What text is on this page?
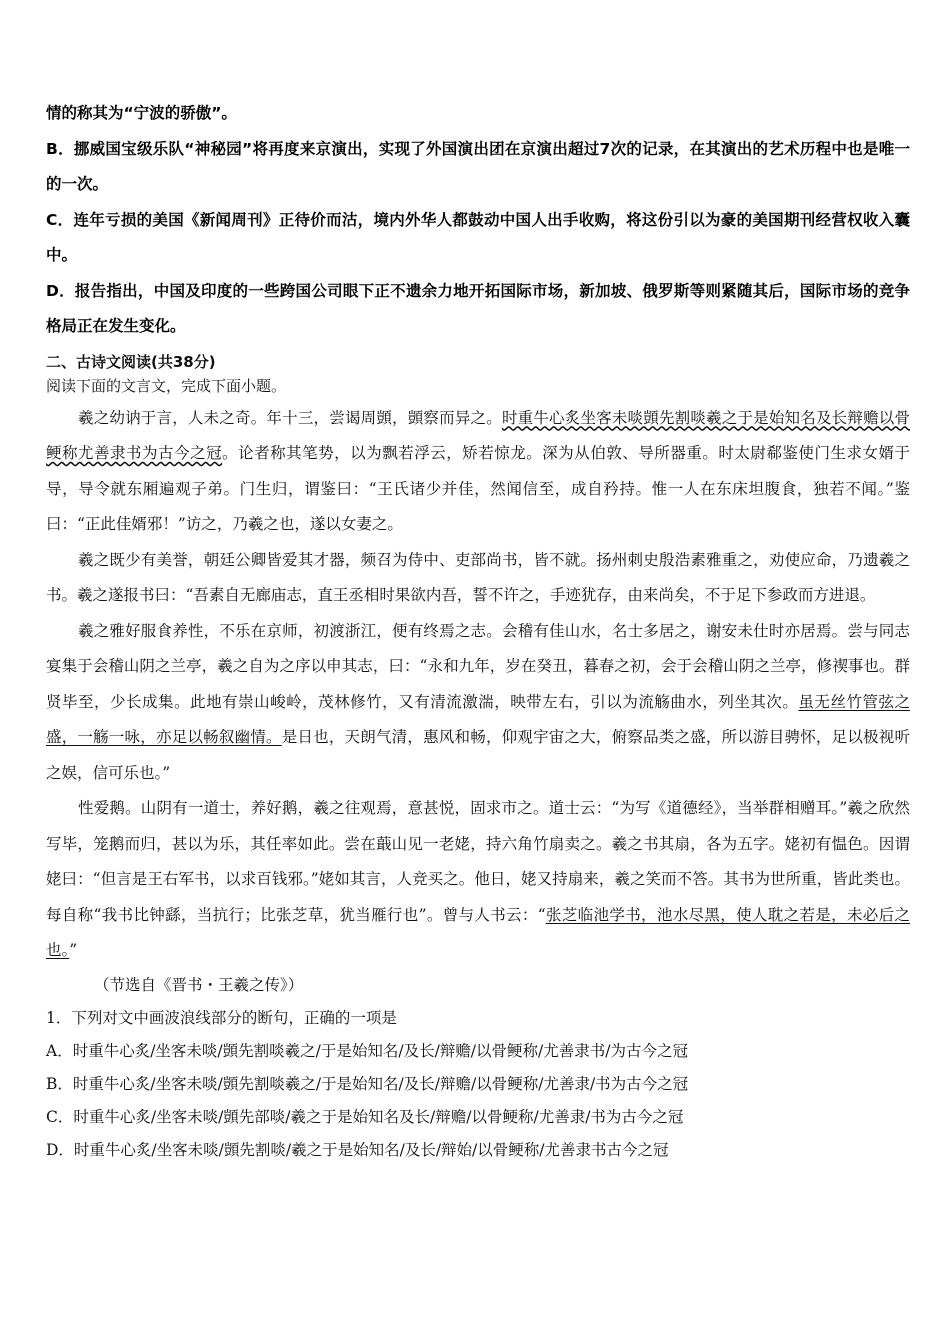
情的称其为“宁波的骄傲”。

B．挪威国宝级乐队“神秘园”将再度来京演出，实现了外国演出团在京演出超过7次的记录，在其演出的艺术历程中也是唯一的一次。

C．连年亏损的美国《新闻周刊》正待价而沽，境内外华人都鼓动中国人出手收购，将这份引以为豪的美国期刊经营权收入囊中。

D．报告指出，中国及印度的一些跨国公司眼下正不遗余力地开拓国际市场，新加坡、俄罗斯等则紧随其后，国际市场的竞争格局正在发生变化。

二、古诗文阅读(共38分)

阅读下面的文言文，完成下面小题。

羲之幼讷于言，人未之奇。年十三，尝谒周顗，顗察而异之。时重牛心炙坐客未啖顗先割啖羲之于是始知名及长辩赡以骨鲠称尤善隶书为古今之冠。论者称其笔势，以为飘若浮云，矫若惊龙。深为从伯敦、导所器重。时太尉郗鉴使门生求女婿于导，导令就东厢遍观子弟。门生归，谓鉴曰：“王氏诸少并佳，然闻信至，成自矜持。惟一人在东床坦腹食，独若不闻。”鉴曰：“正此佳婿邪！”访之，乃羲之也，遂以女妻之。

羲之既少有美誉，朝廷公卿皆爱其才器，频召为侍中、吏部尚书，皆不就。扬州刺史殷浩素雅重之，劝使应命，乃遗羲之书。羲之遂报书曰：“吾素自无廊庙志，直王丞相时果欲内吾，誓不许之，手迹犹存，由来尚矣，不于足下参政而方进退。

羲之雅好服食养性，不乐在京师，初渡浙江，便有终焉之志。会稽有佳山水，名士多居之，谢安未仕时亦居焉。尝与同志宴集于会稽山阴之兰亭，羲之自为之序以申其志，曰：“永和九年，岁在癸丑，暮春之初，会于会稽山阴之兰亭，修禊事也。群贤毕至，少长成集。此地有崇山峻岭，茂林修竹，又有清流激湍，映带左右，引以为流觞曲水，列坐其次。虽无丝竹管弦之盛，一觞一咏，亦足以畅叙幽情。是日也，天朗气清，惠风和畅，仰观宇宙之大，俯察品类之盛，所以游目骋怀，足以极视听之娱，信可乐也。”

性爱鹅。山阴有一道士，养好鹅，羲之往观焉，意甚悦，固求市之。道士云：“为写《道德经》，当举群相赠耳。”羲之欣然写毕，笼鹅而归，甚以为乐，其任率如此。尝在蕺山见一老姥，持六角竹扇卖之。羲之书其扇，各为五字。姥初有愠色。因谓姥曰：“但言是王右军书，以求百钱邪。”姥如其言，人竞买之。他日，姥又持扇来，羲之笑而不答。其书为世所重，皆此类也。每自称“我书比钟繇，当抗行；比张芝草，犹当雁行也”。曾与人书云：“张芝临池学书，池水尽黑，使人耽之若是，未必后之也。”

（节选自《晋书・王羲之传》）

1．下列对文中画波浪线部分的断句，正确的一项是

A．时重牛心炙/坐客未啖/顗先割啖羲之/于是始知名/及长/辩赡/以骨鲠称/尤善隶书/为古今之冠

B．时重牛心炙/坐客未啖/顗先割啖羲之/于是始知名/及长/辩赡/以骨鲠称/尤善隶/书为古今之冠

C．时重牛心炙/坐客未啖/顗先部啖/羲之于是始知名及长/辩赡/以骨鲠称/尤善隶/书为古今之冠

D．时重牛心炙/坐客未啖/顗先割啖/羲之于是始知名/及长/辩始/以骨鲠称/尤善隶书古今之冠
